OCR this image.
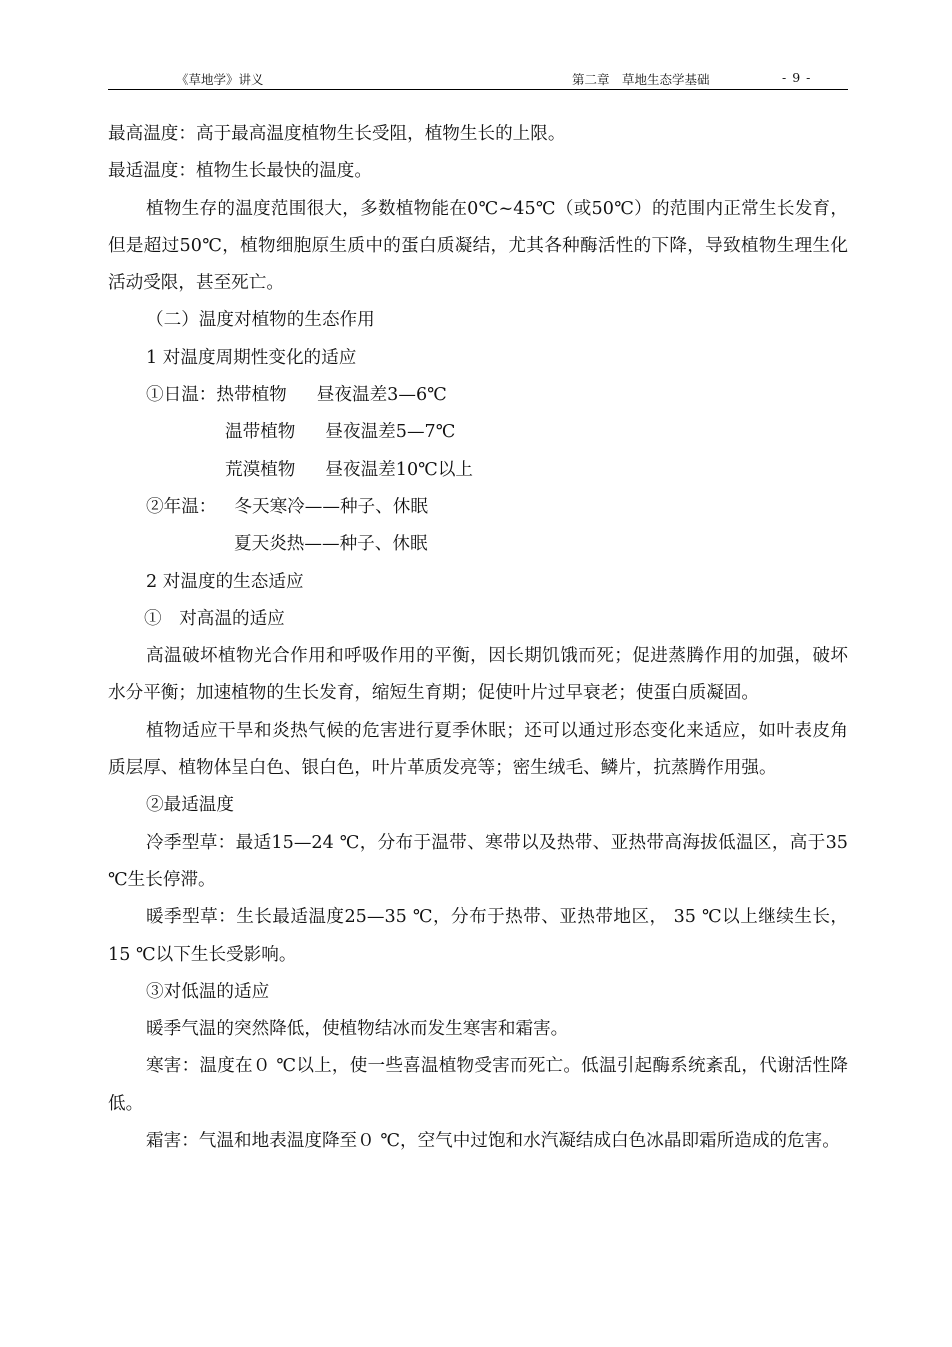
《草地学》讲义	第二章　草地生态学基础	- 9 -

最高温度：高于最高温度植物生长受阻，植物生长的上限。

最适温度：植物生长最快的温度。

植物生存的温度范围很大，多数植物能在0℃~45℃（或50℃）的范围内正常生长发育，但是超过50℃，植物细胞原生质中的蛋白质凝结，尤其各种酶活性的下降，导致植物生理生化活动受限，甚至死亡。

（二）温度对植物的生态作用

1 对温度周期性变化的适应

①日温：热带植物 昼夜温差3—6℃

温带植物 昼夜温差5—7℃

荒漠植物 昼夜温差10℃以上

②年温： 冬天寒冷——种子、休眠

夏天炎热——种子、休眠

2 对温度的生态适应

①　对高温的适应

高温破坏植物光合作用和呼吸作用的平衡，因长期饥饿而死；促进蒸腾作用的加强，破坏水分平衡；加速植物的生长发育，缩短生育期；促使叶片过早衰老；使蛋白质凝固。

植物适应干旱和炎热气候的危害进行夏季休眠；还可以通过形态变化来适应，如叶表皮角质层厚、植物体呈白色、银白色，叶片革质发亮等；密生绒毛、鳞片，抗蒸腾作用强。

②最适温度

冷季型草：最适15—24 ℃，分布于温带、寒带以及热带、亚热带高海拔低温区，高于35 ℃生长停滞。

暖季型草：生长最适温度25—35 ℃，分布于热带、亚热带地区， 35 ℃以上继续生长，15 ℃以下生长受影响。

③对低温的适应

暖季气温的突然降低，使植物结冰而发生寒害和霜害。

寒害：温度在０ ℃以上，使一些喜温植物受害而死亡。低温引起酶系统紊乱，代谢活性降低。

霜害：气温和地表温度降至０ ℃，空气中过饱和水汽凝结成白色冰晶即霜所造成的危害。
